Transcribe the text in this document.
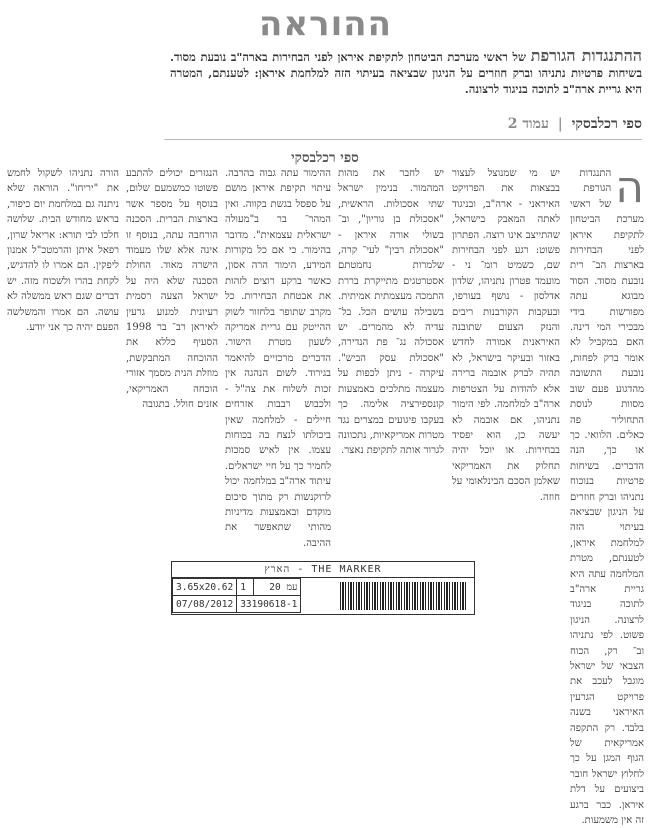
ההוראה
ההתנגדות הגורפת של ראשי מערכת הביטחון לתקיפת איראן לפני הבחירות בארה"ב נובעת מסוד. בשיחות פרטיות נתניהו וברק חוזרים על הניגון שבציאה בעיתוי הזה למלחמת איראן: לטענתם, המטרה היא גריית ארה"ב לתוכה בניגוד לרצונה.
ספי רכלבסקי | עמוד 2
ספי רכלבסקי
ה
התנגדות הגורפת של ראשי מערכת הביטחון לתקיפת איראן לפני הבחירות בארצות הב־ רית נובעת מסוד. הסוד מבוגא עתה מפורשות בידי מבכירי המי דינה. האם במקביל לא אומר ברק לפחות, נובעת התשובה מהדגוע פעם שוב מסוות לנוסת התחוליר פה כאלים. הלוואי. כך או כך, הנה הדברים. בשיחות פרטיות בנוכוח נתניהו וברק חוזרים על הניגון שבציאה בעיתוי הזה למלחמת איראן, לטענתם, מטרת המלחמה עתה היא גריית ארה"ב לתוכה בניגוד לרצונה. הניגון פשוט. לפי נתניהו וב־ רק, הכוח הצבאי של ישראל מוגבל לעכב את פרויקט הגרעין האיראני בשנה בלבד. רק התקפה אמריקאית של הגוף המגן על כך לחלוץ ישראל חובר ביצועים על דלת איראן. כבר ברגע זה אין משמעות.
יש מי שמנוצל לעצור בבצאות את הפרויקט האיראני - ארה"ב, ובניגוד לאתה המאבק בישראל, שהתייצב אינו רוצה. הפתרון פשוט: רגע לפני הבחירות שם, כשמיט רומ־ ני - מועמד פטרון נתניהו, שלדון אדלסון - נושף בעורפו, ובעקבות הקורבנות ריבים והנזק הצעום שתובנה האיראנית אמורה לחדש באזור ובעיקר בישראל, לא תהיה לברק אובמה ברירה אלא להודות על הצטרפות ארה"ב למלחמה. לפי הימור נתניהו, אם אובמה לא יעשה כן, הוא יפסיד בבחירות. או יוכל יהיה תחלוק את האמריקאי שאלמן הסכם הבינלאומי על חוזה.
יש לחבר את מהות המהמור. בנימין ישראל שתי אסכולות. הראשית, "אסכולת בן גוריון", וב־ בשולי אורה איראן - "אסכולת רבין" לעי־ קרה, שלמרות נחמטתם אסטרטגים מתייקרת בררת התמכה מעצמתית אמיתית. בשבילה עושים הכל. בל־ עדיה לא מהמרים. יש אסכולה נג־ פת הנדירה, "אסכולת עסק הביש". עיקרה - ניתן לכפות על מעצמה מתלכים באמצעות קונספירציה אלימה. כך בעקבו פיגועים במצרים נגד מטרות אמריקאיות, נתכוונה לגרור אותה לתקיפת נאצר.
ההימור עתה גבוה בהרבה. עיתוי תקיפת איראן מושם על ספסל בגשת בקווה. ואין המהר־ בר ב"מעולה ישראלית עצמאית". מדובר בהימור. כי אם כל מקורות המידע, הימור הרה אסון, כאשר ברקע רוצים לזהות את אבטחת הבחירות. כל מקרב שתופר בלחזור לשוק ההייטק עם גריית אמריקה לשעון מטרת הישור. הדברים מרכזיים להיאמר בגירוד. לשום הנהגה אין זכות לשלוח את צה"ל - ולכבוש רבבות אזרחים חיילים - למלחמה שאין ביכולתו לנצח בה בכוחות עצמו. אין לאיש סמכות לחמיר כך על חיי ישראלים. עיתוד ארה"ב במלחמה יכול לרוקנשות רק מתוך סיכום מוקדם ובאמצעות מדיניות מהותי שתאפשר את ההיבה.
הנגזרים יכולים להתבע פשוטו כמשמעם שלום, בנוסף על מספר אשר בארצות הברית. הסכנה הורחבה עתה, בנוסף זו אינה אלא שלו מעמוד הישרה מאוד. החולת הסכנה שלא היה על ישראל הצעה רסמית רעיונית למנוע גרעין לאיראן רב־ בר 1998 הסעיף כללא את ההוכחה המתבקשת, מוזלת הנית מסמך אזורי הוכחה האמריקאי, אזנים חולל. בתגובה
הורה נתניהו לשקול לחמש את "יריחו". הוראה שלא ניתנה גם במלחמת יום כיפור, בראש מחודש הבית. שלושה חלכו לבי תורא: אריאל שרון, רפאל איתן והרמטכ"ל אמנון ליפקין. הם אמרו לו להדגיש, לקחת בהרו ולשכוח מזה. יש דברים שגם ראש ממשלה לא עושה. הם אמרו והמשלשה הפעם יהיה כך אני יודע.
הארץ - THE MARKER
3.65x20.62	1	עמ 20
07/08/2012	33190618-1	
